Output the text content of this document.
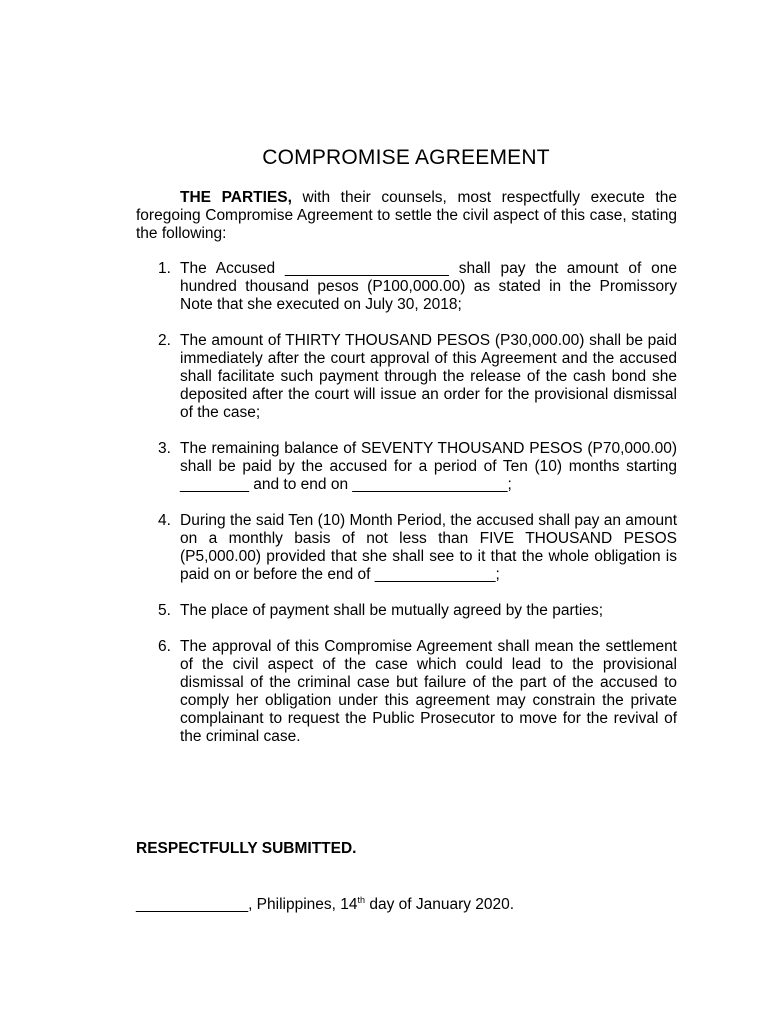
COMPROMISE AGREEMENT

THE PARTIES, with their counsels, most respectfully execute the foregoing Compromise Agreement to settle the civil aspect of this case, stating the following:

1. The Accused ___________________ shall pay the amount of one hundred thousand pesos (P100,000.00) as stated in the Promissory Note that she executed on July 30, 2018;
2. The amount of THIRTY THOUSAND PESOS (P30,000.00) shall be paid immediately after the court approval of this Agreement and the accused shall facilitate such payment through the release of the cash bond she deposited after the court will issue an order for the provisional dismissal of the case;
3. The remaining balance of SEVENTY THOUSAND PESOS (P70,000.00) shall be paid by the accused for a period of Ten (10) months starting ________ and to end on __________________;
4. During the said Ten (10) Month Period, the accused shall pay an amount on a monthly basis of not less than FIVE THOUSAND PESOS (P5,000.00) provided that she shall see to it that the whole obligation is paid on or before the end of ______________;
5. The place of payment shall be mutually agreed by the parties;
6. The approval of this Compromise Agreement shall mean the settlement of the civil aspect of the case which could lead to the provisional dismissal of the criminal case but failure of the part of the accused to comply her obligation under this agreement may constrain the private complainant to request the Public Prosecutor to move for the revival of the criminal case.

RESPECTFULLY SUBMITTED.

_____________, Philippines, 14th day of January 2020.
